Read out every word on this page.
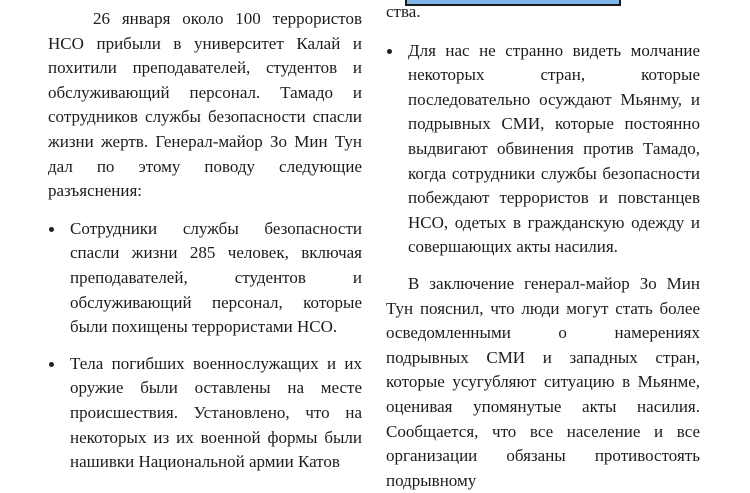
26 января около 100 террористов НСО прибыли в университет Калай и похитили преподавателей, студентов и обслуживающий персонал. Тамадо и сотрудников службы безопасности спасли жизни жертв. Генерал-майор Зо Мин Тун дал по этому поводу следующие разъяснения:

Сотрудники службы безопасности спасли жизни 285 человек, включая преподавателей, студентов и обслуживающий персонал, которые были похищены террористами НСО.

Тела погибших военнослужащих и их оружие были оставлены на месте происшествия. Установлено, что на некоторых из их военной формы были нашивки Национальной армии Катов

ства.

Для нас не странно видеть молчание некоторых стран, которые последовательно осуждают Мьянму, и подрывных СМИ, которые постоянно выдвигают обвинения против Тамадо, когда сотрудники службы безопасности побеждают террористов и повстанцев НСО, одетых в гражданскую одежду и совершающих акты насилия.

В заключение генерал-майор Зо Мин Тун пояснил, что люди могут стать более осведомленными о намерениях подрывных СМИ и западных стран, которые усугубляют ситуацию в Мьянме, оценивая упомянутые акты насилия. Сообщается, что все население и все организации обязаны противостоять подрывному
